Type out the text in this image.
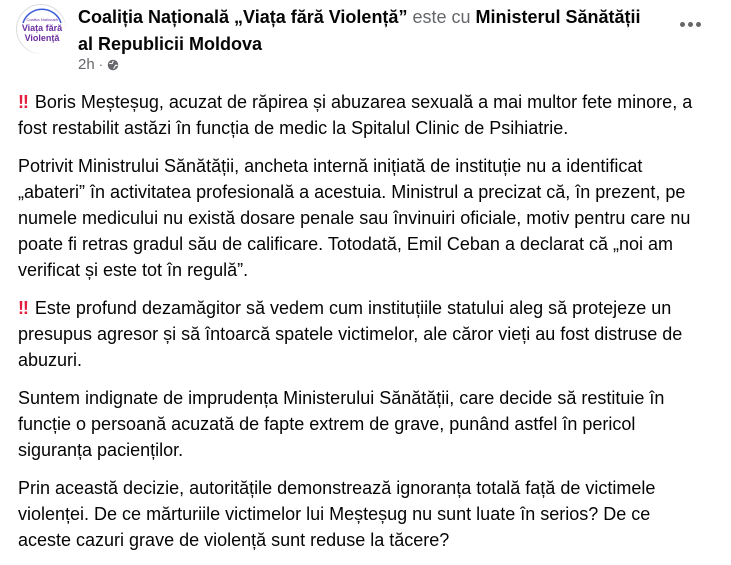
Coaliția Națională
Viața fără
Violență
Coaliția Națională „Viața fără Violență” este cu Ministerul Sănătății al Republicii Moldova
2h ·

‼ Boris Meșteșug, acuzat de răpirea și abuzarea sexuală a mai multor fete minore, a fost restabilit astăzi în funcția de medic la Spitalul Clinic de Psihiatrie.

Potrivit Ministrului Sănătății, ancheta internă inițiată de instituție nu a identificat „abateri” în activitatea profesională a acestuia. Ministrul a precizat că, în prezent, pe numele medicului nu există dosare penale sau învinuiri oficiale, motiv pentru care nu poate fi retras gradul său de calificare. Totodată, Emil Ceban a declarat că „noi am verificat și este tot în regulă”.

‼ Este profund dezamăgitor să vedem cum instituțiile statului aleg să protejeze un presupus agresor și să întoarcă spatele victimelor, ale căror vieți au fost distruse de abuzuri.

Suntem indignate de imprudența Ministerului Sănătății, care decide să restituie în funcție o persoană acuzată de fapte extrem de grave, punând astfel în pericol siguranța pacienților.

Prin această decizie, autoritățile demonstrează ignoranța totală față de victimele violenței. De ce mărturiile victimelor lui Meșteșug nu sunt luate în serios? De ce aceste cazuri grave de violență sunt reduse la tăcere?
